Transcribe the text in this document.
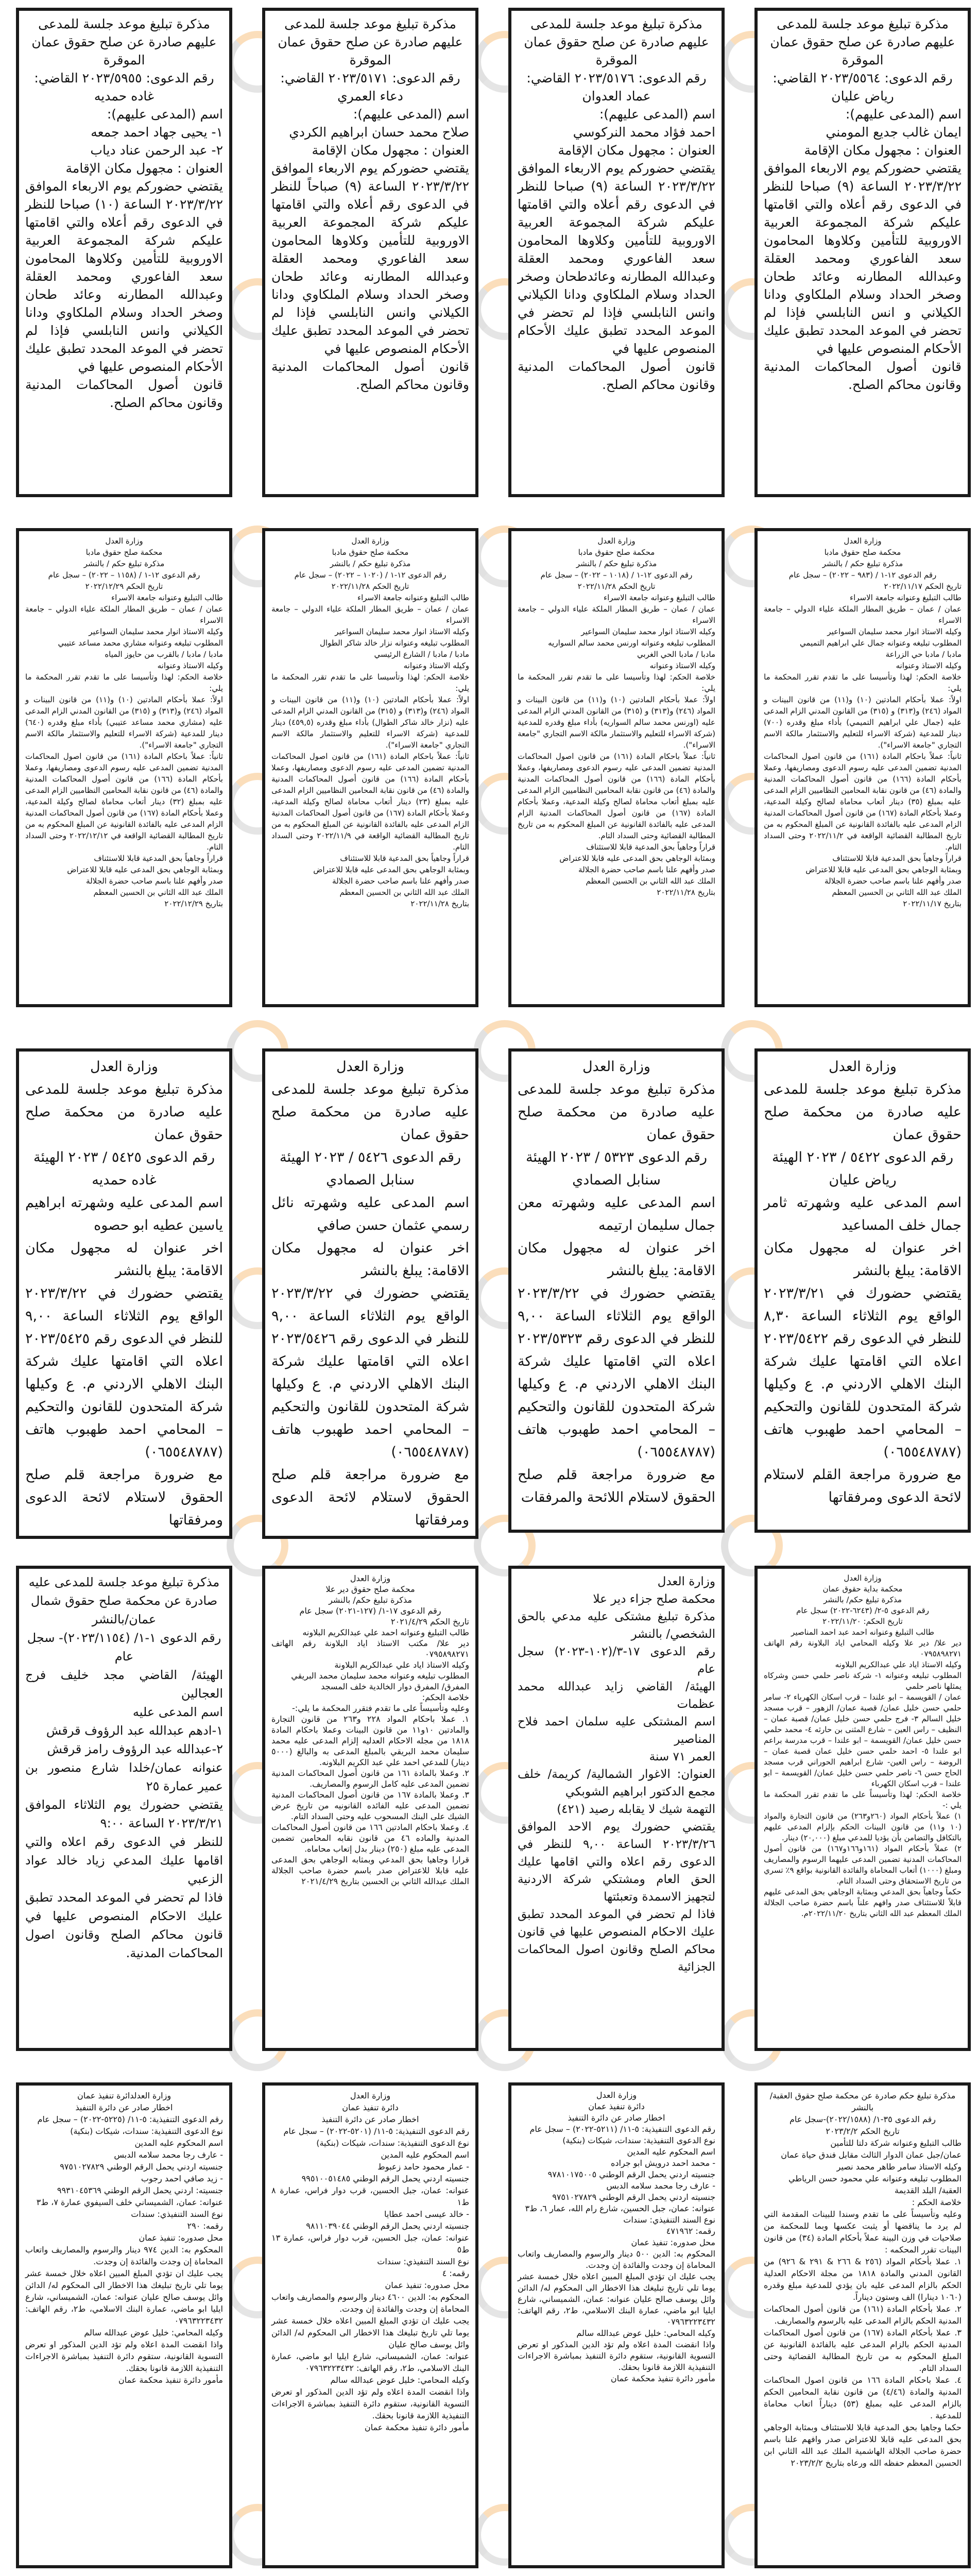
مذكرة تبليغ موعد جلسة للمدعى عليهم صادرة عن صلح حقوق عمان الموقرة
رقم الدعوى: ٢٠٢٣/٥٥٦٤ القاضي: رياض عليان
اسم (المدعى عليهم):
ايمان غالب جديع المومني
العنوان : مجهول مكان الإقامة
يقتضي حضوركم يوم الاربعاء الموافق ٢٠٢٣/٣/٢٢ الساعة (٩) صباحا للنظر في الدعوى رقم أعلاه والتي اقامتها عليكم شركة المجموعة العربية الاوروبية للتأمين وكلاوها المحامون سعد الفاعوري ومحمد العقلة وعبدالله المطارنه وعائد طحان وصخر الحداد وسلام الملكاوي ودانا الكيلاني و انس النابلسي فإذا لم تحضر في الموعد المحدد تطبق عليك الأحكام المنصوص عليها في
قانون أصول المحاكمات المدنية وقانون محاكم الصلح.
مذكرة تبليغ موعد جلسة للمدعى عليهم صادرة عن صلح حقوق عمان الموقرة
رقم الدعوى: ٢٠٢٣/٥١٧٦ القاضي: عماد العدوان
اسم (المدعى عليهم):
احمد فؤاد محمد النركوسي
العنوان : مجهول مكان الإقامة
يقتضي حضوركم يوم الاربعاء الموافق ٢٠٢٣/٣/٢٢ الساعة (٩) صباحا للنظر في الدعوى رقم أعلاه والتي اقامتها عليكم شركة المجموعة العربية الاوروبية للتأمين وكلاوها المحامون سعد الفاعوري ومحمد العقلة وعبدالله المطارنه وعائدطحان وصخر الحداد وسلام الملكاوي ودانا الكيلاني وانس النابلسي فإذا لم تحضر في الموعد المحدد تطبق عليك الأحكام المنصوص عليها في
قانون أصول المحاكمات المدنية وقانون محاكم الصلح.
مذكرة تبليغ موعد جلسة للمدعى عليهم صادرة عن صلح حقوق عمان الموقرة
رقم الدعوى: ٢٠٢٣/٥١٧١ القاضي: دعاء العمري
اسم (المدعى عليهم):
صلاح محمد حسان ابراهيم الكردي
العنوان : مجهول مكان الإقامة
يقتضي حضوركم يوم الاربعاء الموافق ٢٠٢٣/٣/٢٢ الساعة (٩) صباحاً للنظر في الدعوى رقم أعلاه والتي اقامتها عليكم شركة المجموعة العربية الاوروبية للتأمين وكلاوها المحامون سعد الفاعوري ومحمد العقلة وعبدالله المطارنه وعائد طحان وصخر الحداد وسلام الملكاوي ودانا الكيلاني وانس النابلسي فإذا لم تحضر في الموعد المحدد تطبق عليك الأحكام المنصوص عليها في
قانون أصول المحاكمات المدنية وقانون محاكم الصلح.
مذكرة تبليغ موعد جلسة للمدعى عليهم صادرة عن صلح حقوق عمان الموقرة
رقم الدعوى: ٢٠٢٣/٥٩٥٥ القاضي: غاده حمديه
اسم (المدعى عليهم):
١- يحيى جهاد احمد جمعه
٢- عبد الرحمن عناد دياب
العنوان : مجهول مكان الإقامة
يقتضي حضوركم يوم الاربعاء الموافق ٢٠٢٣/٣/٢٢ الساعة (١٠) صباحا للنظر في الدعوى رقم أعلاه والتي اقامتها عليكم شركة المجموعة العربية الاوروبية للتأمين وكلاوها المحامون سعد الفاعوري ومحمد العقلة وعبدالله المطارنه وعائد طحان وصخر الحداد وسلام الملكاوي ودانا الكيلاني وانس النابلسي فإذا لم تحضر في الموعد المحدد تطبق عليك الأحكام المنصوص عليها في
قانون أصول المحاكمات المدنية وقانون محاكم الصلح.
وزارة العدل
محكمة صلح حقوق مادبا
مذكرة تبليغ حكم / بالنشر
رقم الدعوى ١٢-١ / (٩٨٣ – ٢٠٢٢) – سجل عام
تاريخ الحكم ٢٠٢٢/١١/١٧
طالب التبليغ وعنوانه جامعة الاسراء
عمان / عمان – طريق المطار الملكة علياء الدولي – جامعة الاسراء
وكيله الاستاذ انوار محمد سليمان السواعير
المطلوب تبليغه وعنوانه جمال علي ابراهيم التميمي
مادبا / مادبا حي الزراعة
وكيله الاستاذ وعنوانه
خلاصة الحكم: لهذا وتأسيسا على ما تقدم تقرر المحكمة ما يلي:
اولاً: عملا بأحكام المادتين (١٠) و(١١) من قانون البينات و المواد (٢٤٦) و(٣١٣) و (٣١٥) من القانون المدني الزام المدعى عليه (جمال علي ابراهيم التميمي) بأداء مبلغ وقدره (٧٠٠) دينار للمدعية (شركة الاسراء للتعليم والاستثمار مالكة الاسم التجاري "جامعة الاسراء").
ثانياً: عملاً باحكام المادة (١٦١) من قانون اصول المحاكمات المدنية تضمين المدعى عليه رسوم الدعوى ومصاريفها، وعملا بأحكام المادة (١٦٦) من قانون أصول المحاكمات المدنية والمادة (٤٦) من قانون نقابة المحامين النظاميين الزام المدعى عليه بمبلغ (٣٥) دينار أتعاب محاماة لصالح وكيلة المدعية، وعملا بأحكام المادة (١٦٧) من قانون أصول المحاكمات المدنية الزام المدعى عليه بالفائدة القانونية عن المبلغ المحكوم به من تاريخ المطالبة القضائية الواقعة في ٢٠٢٢/١١/٢ وحتى السداد التام.
قراراً وجاهياً بحق المدعية قابلا للاستئناف
وبمثابة الوجاهي بحق المدعى عليه قابلا للاعتراض
صدر وأفهم علنا باسم صاحب حضرة الجلالة
الملك عبد الله الثاني بن الحسين المعظم
بتاريخ ٢٠٢٢/١١/١٧
وزارة العدل
محكمة صلح حقوق مادبا
مذكرة تبليغ حكم / بالنشر
رقم الدعوى ١٢-١ / (١٠١٨ – ٢٠٢٢) – سجل عام
تاريخ الحكم ٢٠٢٢/١١/٢٨
طالب التبليغ وعنوانه جامعة الاسراء
عمان / عمان – طريق المطار الملكة علياء الدولي – جامعة الاسراء
وكيله الاستاذ انوار محمد سليمان السواعير
المطلوب تبليغه وعنوانه اورنس محمد سالم السواريه
مادبا / مادبا الحي الغربي
وكيله الاستاذ وعنوانه
خلاصة الحكم: لهذا وتأسيسا على ما تقدم تقرر المحكمة ما يلي:
اولاً: عملا بأحكام المادتين (١٠) و(١١) من قانون البينات و المواد (٢٤٦) و(٣١٣) و (٣١٥) من القانون المدني الزام المدعى عليه (اورنس محمد سالم السواريه) بأداء مبلغ وقدره للمدعية (شركة الاسراء للتعليم والاستثمار مالكة الاسم التجاري "جامعة الاسراء").
ثانياً: عملاً باحكام المادة (١٦١) من قانون اصول المحاكمات المدنية تضمين المدعى عليه رسوم الدعوى ومصاريفها، وعملا بأحكام المادة (١٦٦) من قانون أصول المحاكمات المدنية والمادة (٤٦) من قانون نقابة المحامين النظاميين الزام المدعى عليه بمبلغ أتعاب محاماة لصالح وكيلة المدعية، وعملا بأحكام المادة (١٦٧) من قانون أصول المحاكمات المدنية الزام المدعى عليه بالفائدة القانونية عن المبلغ المحكوم به من تاريخ المطالبة القضائية وحتى السداد التام.
قراراً وجاهياً بحق المدعية قابلا للاستئناف
وبمثابة الوجاهي بحق المدعى عليه قابلا للاعتراض
صدر وأفهم علنا باسم صاحب حضرة الجلالة
الملك عبد الله الثاني بن الحسين المعظم
بتاريخ ٢٠٢٢/١١/٢٨
وزارة العدل
محكمة صلح حقوق مادبا
مذكرة تبليغ حكم / بالنشر
رقم الدعوى ١٢-١ / (١٠٢٠ – ٢٠٢٢) – سجل عام
تاريخ الحكم ٢٠٢٢/١١/٢٨
طالب التبليغ وعنوانه جامعة الاسراء
عمان / عمان – طريق المطار الملكة علياء الدولي – جامعة الاسراء
وكيله الاستاذ انوار محمد سليمان السواعير
المطلوب تبليغه وعنوانه نزار خالد شاكر الطوال
مادبا / مادبا / الشارع الرئيسي
وكيله الاستاذ وعنوانه
خلاصة الحكم: لهذا وتأسيسا على ما تقدم تقرر المحكمة ما يلي:
اولاً: عملا بأحكام المادتين (١٠) و(١١) من قانون البينات و المواد (٢٤٦) و(٣١٣) و (٣١٥) من القانون المدني الزام المدعى عليه (نزار خالد شاكر الطوال) بأداء مبلغ وقدره (٤٥٩,٥) دينار للمدعية (شركة الاسراء للتعليم والاستثمار مالكة الاسم التجاري "جامعة الاسراء").
ثانياً: عملاً باحكام المادة (١٦١) من قانون اصول المحاكمات المدنية تضمين المدعى عليه رسوم الدعوى ومصاريفها، وعملا بأحكام المادة (١٦٦) من قانون أصول المحاكمات المدنية والمادة (٤٦) من قانون نقابة المحامين النظاميين الزام المدعى عليه بمبلغ (٢٣) دينار أتعاب محاماة لصالح وكيلة المدعية، وعملا بأحكام المادة (١٦٧) من قانون أصول المحاكمات المدنية الزام المدعى عليه بالفائدة القانونية عن المبلغ المحكوم به من تاريخ المطالبة القضائية الواقعة في ٢٠٢٢/١١/٩ وحتى السداد التام.
قراراً وجاهياً بحق المدعية قابلا للاستئناف
وبمثابة الوجاهي بحق المدعى عليه قابلا للاعتراض
صدر وأفهم علنا باسم صاحب حضرة الجلالة
الملك عبد الله الثاني بن الحسين المعظم
بتاريخ ٢٠٢٢/١١/٢٨
وزارة العدل
محكمة صلح حقوق مادبا
مذكرة تبليغ حكم / بالنشر
رقم الدعوى ١٢-١ / (١١٥٨ – ٢٠٢٢) – سجل عام
تاريخ الحكم ٢٠٢٢/١٢/٢٩
طالب التبليغ وعنوانه جامعة الاسراء
عمان / عمان – طريق المطار الملكة علياء الدولي – جامعة الاسراء
وكيله الاستاذ انوار محمد سليمان السواعير
المطلوب تبليغه وعنوانه مشاري محمد مساعد عتيبي
مادبا / مادبا / بالقرب من حايوز المياه
وكيله الاستاذ وعنوانه
خلاصة الحكم: لهذا وتأسيسا على ما تقدم تقرر المحكمة ما يلي:
اولاً: عملا بأحكام المادتين (١٠) و(١١) من قانون البينات و المواد (٢٤٦) و(٣١٣) و (٣١٥) من القانون المدني الزام المدعى عليه (مشاري محمد مساعد عتيبي) بأداء مبلغ وقدره (٦٤٠) دينار للمدعية (شركة الاسراء للتعليم والاستثمار مالكة الاسم التجاري "جامعة الاسراء").
ثانياً: عملاً باحكام المادة (١٦١) من قانون اصول المحاكمات المدنية تضمين المدعى عليه رسوم الدعوى ومصاريفها، وعملا بأحكام المادة (١٦٦) من قانون أصول المحاكمات المدنية والمادة (٤٦) من قانون نقابة المحامين النظاميين الزام المدعى عليه بمبلغ (٣٢) دينار أتعاب محاماة لصالح وكيلة المدعية، وعملا بأحكام المادة (١٦٧) من قانون أصول المحاكمات المدنية الزام المدعى عليه بالفائدة القانونية عن المبلغ المحكوم به من تاريخ المطالبة القضائية الواقعة في ٢٠٢٢/١٢/١٢ وحتى السداد التام.
قراراً وجاهياً بحق المدعية قابلا للاستئناف
وبمثابة الوجاهي بحق المدعى عليه قابلا للاعتراض
صدر وأفهم علنا باسم صاحب حضرة الجلالة
الملك عبد الله الثاني بن الحسين المعظم
بتاريخ ٢٠٢٢/١٢/٢٩
وزارة العدل
مذكرة تبليغ موعد جلسة للمدعى عليه صادرة من محكمة صلح حقوق عمان
رقم الدعوى ٥٤٢٢ / ٢٠٢٣ الهيئة
رياض عليان
اسم المدعى عليه وشهرته ثامر جمال خلف المساعيد
اخر عنوان له مجهول مكان الاقامة: يبلغ بالنشر
يقتضي حضورك في ٢٠٢٣/٣/٢١ الواقع يوم الثلاثاء الساعة ٨,٣٠ للنظر في الدعوى رقم ٢٠٢٣/٥٤٢٢ اعلاه التي اقامتها عليك شركة البنك الاهلي الاردني م. ع وكيلها شركة المتحدون للقانون والتحكيم – المحامي احمد طهبوب هاتف (٠٦٥٥٤٨٧٨٧)
مع ضرورة مراجعة القلم لاستلام لائحة الدعوى ومرفقاتها
وزارة العدل
مذكرة تبليغ موعد جلسة للمدعى عليه صادرة من محكمة صلح حقوق عمان
رقم الدعوى ٥٣٢٣ / ٢٠٢٣ الهيئة
سنابل الصمادي
اسم المدعى عليه وشهرته معن جمال سليمان ارتيمه
اخر عنوان له مجهول مكان الاقامة: يبلغ بالنشر
يقتضي حضورك في ٢٠٢٣/٣/٢٢ الواقع يوم الثلاثاء الساعة ٩,٠٠ للنظر في الدعوى رقم ٢٠٢٣/٥٣٢٣ اعلاه التي اقامتها عليك شركة البنك الاهلي الاردني م. ع وكيلها شركة المتحدون للقانون والتحكيم – المحامي احمد طهبوب هاتف (٠٦٥٥٤٨٧٨٧)
مع ضرورة مراجعة قلم صلح الحقوق لاستلام اللائحة والمرفقات
وزارة العدل
مذكرة تبليغ موعد جلسة للمدعى عليه صادرة من محكمة صلح حقوق عمان
رقم الدعوى ٥٤٢٦ / ٢٠٢٣ الهيئة
سنابل الصمادي
اسم المدعى عليه وشهرته نائل رسمي عثمان حسن صافي
اخر عنوان له مجهول مكان الاقامة: يبلغ بالنشر
يقتضي حضورك في ٢٠٢٣/٣/٢٢ الواقع يوم الثلاثاء الساعة ٩,٠٠ للنظر في الدعوى رقم ٢٠٢٣/٥٤٢٦ اعلاه التي اقامتها عليك شركة البنك الاهلي الاردني م. ع وكيلها شركة المتحدون للقانون والتحكيم – المحامي احمد طهبوب هاتف (٠٦٥٥٤٨٧٨٧)
مع ضرورة مراجعة قلم صلح الحقوق لاستلام لائحة الدعوى ومرفقاتها
وزارة العدل
مذكرة تبليغ موعد جلسة للمدعى عليه صادرة من محكمة صلح حقوق عمان
رقم الدعوى ٥٤٢٥ / ٢٠٢٣ الهيئة
غاده حمديه
اسم المدعى عليه وشهرته ابراهيم ياسين عطيه ابو حصوه
اخر عنوان له مجهول مكان الاقامة: يبلغ بالنشر
يقتضي حضورك في ٢٠٢٣/٣/٢٢ الواقع يوم الثلاثاء الساعة ٩,٠٠ للنظر في الدعوى رقم ٢٠٢٣/٥٤٢٥ اعلاه التي اقامتها عليك شركة البنك الاهلي الاردني م. ع وكيلها شركة المتحدون للقانون والتحكيم – المحامي احمد طهبوب هاتف (٠٦٥٥٤٨٧٨٧)
مع ضرورة مراجعة قلم صلح الحقوق لاستلام لائحة الدعوى ومرفقاتها
وزارة العدل
محكمة بداية حقوق عمان
مذكرة تبليغ حكم/ بالنشر
رقم الدعوى ٥-٢/ (٦٢٤٣-٢٠٢٢) سجل عام
تاريخ الحكم: ٢٠٢٢/١١/٢٠
طالب التبليغ وعنوانه احمد عبد احمد المناصير
دير علا/ دير علا وكيله المحامي اياد البلاونة رقم الهاتف ٠٧٩٥٨٩٨٢٧١
وكيله الاستاذ اياد علي عبدالكريم البلاونه
المطلوب تبليغه وعنوانه ١- شركة ناصر حلمي حسن وشركاه يمثلها ناصر حلمي
عمان / القويسمة – ابو علندا – قرب اسكان الكهرباء ٢- سامر حلمي حسن خليل عمان/ قصبة عمان/ الزهور – قرب مسجد خليل السالم ٣- فرج حلمي حسن خليل عمان/ قصبة عمان – النظيف – راس العين – شارع المثنى بن حارثه ٤- محمد حلمي حسن خليل عمان/ القويسمة – ابو علندا – قرب مدرسة براعم ابو علندا ٥- احمد حلمي حسن خليل عمان قصبة عمان – الروضة – راس العين- شارع ابراهيم الحوراني قرب مسجد الحاج حسن ٦- ناصر حلمي حسن خليل عمان/ القويسمة – ابو علندا – قرب اسكان الكهرباء
خلاصة الحكم: لهذا وتأسيساً على ما تقدم تقرر المحكمة ما يلي :-
١) عملاً بأحكام المواد (٢٦٠و٢٦٣) من قانون التجارة والمواد (١٠ و١١) من قانون البينات الحكم بإلزام المدعى عليهم بالتكافل والتضامن بأن يؤديا للمدعي مبلغ (٢٠,٠٠٠) دينار.
٢) عملاً بأحكام المواد (١٦١و١٦٦و١٦٧) من قانون أصول المحاكمات المدنية تضمين المدعى عليهما الرسوم والمصاريف ومبلغ (١٠٠٠) أتعاب المحاماة والفائدة القانونية بواقع ٩٪ تسري من تاريخ الاستحقاق وحتى السداد التام.
حكماً وجاهياً بحق المدعي وبمثابة الوجاهي بحق المدعى عليهم قابلاً للاستئناف صدر وافهم علناً باسم حضرة صاحب الجلالة الملك المعظم عبد الله الثاني بتاريخ ٢٠٢٢/١١/٢٠م.
وزارة العدل
محكمة صلح جزاء دير علا
مذكرة تبليغ مشتكى عليه مدعي بالحق الشخصي/ بالنشر
رقم الدعوى ١٧-٣/(١٠٢-٢٠٢٣) سجل عام
الهيئة/ القاضي زايد عبدالله محمد عظمات
اسم المشتكى عليه سلمان احمد فلاح المناصير
العمر ٧١ سنة
العنوان: الاغوار الشمالية/ كريمة/ خلف مجمع الدكتور ابراهيم الشوبكي
التهمة شيك لا يقابله رصيد (٤٢١)
يقتضي حضورك يوم الاحد الموافق ٢٠٢٣/٣/٢٦ الساعة ٩,٠٠ للنظر في الدعوى رقم اعلاه والتي اقامها عليك الحق العام ومشتكي شركة الاردنية لتجهيز الاسمدة وتعبئتها
فاذا لم تحضر في الموعد المحدد تطبق عليك الاحكام المنصوص عليها في قانون محاكم الصلح وقانون اصول المحاكمات الجزائية
وزارة العدل
محكمة صلح حقوق دير علا
مذكرة تبليغ حكم/ بالنشر
رقم الدعوى ١٧-١/ (١٢٧-٢٠٢١) سجل عام
تاريخ الحكم ٢٠٢١/٤/٢٩
طالب التبليغ وعنوانه احمد علي عبدالكريم البلاونه
دير علا/ مكتب الاستاذ اياد البلاونة رقم الهاتف ٠٧٩٥٨٩٨٢٧١
وكيله الاستاذ اياد علي عبدالكريم البلاونة
المطلوب تبليغه وعنوانه محمد سليمان محمد البريقي
المفرق/ المفرق دوار الخالدية خلف المسجد
خلاصة الحكم:
وعليه وتأسيساً على ما تقدم فتقرر المحكمة ما يلي:-
١. عملا باحكام المواد ٢٢٨ و٢٦٣ من قانون التجارة والمادتين ١٠و١١ من قانون البينات وعملا باحكام المادة ١٨١٨ من مجله الاحكام العدليه إلزام المدعى عليه محمد سليمان محمد البريقي بالمبلغ المدعى به والبالغ (٥٠٠٠ دينار) للمدعي احمد علي عبد الكريم البلاونه.
٢. وعملا بالمادة ١٦١ من قانون أصول المحاكمات المدنية تضمين المدعى عليه كامل الرسوم والمصاريف.
٣. وعملا بالمادة ١٦٧ من قانون أصول المحاكمات المدنية تضمين المدعى عليه الفائده القانونيه من تاريخ عرض الشيك على البنك المسحوب عليه وحتى السداد التام.
٤. وعملا باحكام المادتين ١٦٦ من قانون أصول المحاكمات المدنية والماده ٤٦ من قانون نقابه المحامين تضمين المدعى عليه مبلغ (٢٥٠) دينار بدل إتعاب محاماه.
قرارا وجاهيا بحق المدعي وبمثابه الوجاهي بحق المدعى عليه قابلا للاعتراض صدر باسم حضرة صاحب الجلالة الملك عبدالله الثاني بن الحسين بتاريخ ٢٠٢١/٤/٢٩
مذكرة تبليغ موعد جلسة للمدعى عليه صادرة عن محكمة صلح حقوق شمال عمان/بالنشر
رقم الدعوى ١-١/ (٢٠٢٣/١١٥٤)- سجل عام
الهيئة/ القاضي مجد خليف فرج العجالين
اسم المدعى عليه
١-ادهم عبدالله عبد الرؤوف قرقش
٢-عبدالله عبد الرؤوف رامز قرقش
عنوانه عمان/خلدا شارع منصور بن عمير عمارة ٢٥
يقتضي حضورك يوم الثلاثاء الموافق ٢٠٢٣/٣/٢١ الساعة ٩:٠٠
للنظر في الدعوى رقم اعلاه والتي اقامها عليك المدعي زياد خالد عواد الزعبي
فاذا لم تحضر في الموعد المحدد تطبق عليك الاحكام المنصوص عليها في قانون محاكم الصلح وقانون اصول المحاكمات المدنية.
مذكرة تبليغ حكم صادرة عن محكمة صلح حقوق العقبة/بالنشر
رقم الدعوى ٣٥-١/ (٢٠٢٢/١٥٨٨)-سجل عام
تاريخ الحكم ٢٠٢٣/٢/٢
طالب التبليغ وعنوانه شركة دلتا للتأمين
عمان/جبل عمان الدوار الثالث مقابل فندق حياة عمان
وكيله الاستاذ سامر طاهر محمد نصير
المطلوب تبليغه وعنوانه علي محمود حسن الرياطي
العقبة/ البلد القديمة
خلاصة الحكم :
وعليه وتأسيساً على ما تقدم وسندا للبينات المقدمة التي لم يرد ما يناقضها أو يثبت عكسها وبما للمحكمة من صلاحيات في وزن البينة عملاً بأحكام المادة (٣٤) من قانون البينات تقرر المحكمه :
١. عملا بأحكام المواد (٢٥٦ & ٢٦٦ & ٢٩١ & ٩٢٦) من القانون المدني والمادة ١٨١٨ من مجلة الاحكام العدلية الحكم بالزام المدعى عليه بان يؤدي للمدعية مبلغ وقدره (١٠٦٠ دينارا) الف وستون ديناراً.
٢. عملا بأحكام المادة (١٦١) من قانون أصول المحاكمات المدنية الحكم بالزام المدعى عليه بالرسوم والمصاريف.
٣. عملا بأحكام المادة (١٦٧) من قانون أصول المحاكمات المدنية الحكم بالزام المدعى عليه بالفائدة القانونية عن المبلغ المحكوم به من تاريخ المطالبة القضائية وحتى السداد التام.
٤. عملا باحكام المادة ١٦٦ من قانون اصول المحاكمات المدنية والمادة (٤/٤٦) من قانون نقابة المحامين الحكم بالزام المدعى عليه بمبلغ (٥٣) ديناراً اتعاب محاماة للمدعية .
حكما وجاهيا بحق المدعية قابلا للاستئناف وبمثابة الوجاهي بحق المدعى عليه قابلا للاعتراض صدر وافهم علنا باسم حضرة صاحب الجلالة الهاشمية الملك عبد الله الثاني ابن الحسين المعظم حفظه الله ورعاه بتاريخ ٢٠٢٣/٢/٢
وزارة العدل
دائرة تنفيذ عمان
اخطار صادر عن دائرة التنفيذ
رقم الدعوى التنفيذية: ٥-١١/ (٥٢١١-٢٠٢٢) – سجل عام
نوع الدعوى التنفيذية: سندات، شيكات (بنكية)
اسم المحكوم عليه المدين
- محمد احمد درويش ابو جراده
جنسيته اردني يحمل الرقم الوطني ٩٧٨١٠١٧٥٠٠٥
- عارف رجا محمد سلامه الدبس
جنسيته اردني يحمل الرقم الوطني ٩٧٥١٠٢٧٨٢٩
عنوانه: عمان، جبل الحسين، شارع رام الله، عمار ٦، ط٣
نوع السند التنفيذي: سندات
رقمه: ٤٧١٩٦٢
محل صدوره: تنفيذ عمان
المحكوم به: الدين ٥٠٠ دينار والرسوم والمصاريف واتعاب المحاماة إن وجدت والفائدة إن وجدت.
يجب عليك ان تؤدي المبلغ المبين اعلاه خلال خمسة عشر يوما تلي تاريخ تبليغك هذا الاخطار الى المحكوم له/ الدائن وائل يوسف صالح عليان عنوانه: عمان، الشميساني، شارع ايليا ابو ماضي، عمارة البنك الاسلامي، ط٢، رقم الهاتف: ٠٧٩٦٣٢٢٣٤٣٢
وكيله المحامي: خليل عوض عبدالله سالم
واذا انقضت المدة اعلاه ولم تؤد الدين المذكور او تعرض التسوية القانونية، ستقوم دائرة التنفيذ بمباشرة الاجراءات التنفيذية اللازمة قانونا بحقك.
مأمور دائرة تنفيذ محكمة عمان
وزارة العدل
دائرة تنفيذ عمان
اخطار صادر عن دائرة التنفيذ
رقم الدعوى التنفيذية: ٥-١١/ (٥٢٠١-٢٠٢٢) – سجل عام
نوع الدعوى التنفيذية: سندات، شيكات (بنكية)
اسم المحكوم عليه المدين
- عمار محمود حامد زعبوط
جنسيته اردني يحمل الرقم الوطني ٩٩٥١٠٠٥١٤٨٥
عنوانه: عمان، جبل الحسين، قرب دوار فراس، عمارة ٨ ط١
- خالد عيسى احمد عطايا
جنسيته اردني يحمل الرقم الوطني ٩٨١١٠٣٩٠٤٤
عنوانه: عمان، جبل الحسين، قرب دوار فراس، عمارة ١٣ ط٥
نوع السند التنفيذي: سندات
رقمه: ٤
محل صدوره: تنفيذ عمان
المحكوم به: الدين ٤٦٠٠ دينار والرسوم والمصاريف واتعاب المحاماة إن وجدت والفائدة إن وجدت.
يجب عليك ان تؤدي المبلغ المبين اعلاه خلال خمسة عشر يوما تلي تاريخ تبليغك هذا الاخطار الى المحكوم له/ الدائن وائل يوسف صالح عليان
عنوانه: عمان، الشميساني، شارع ايليا ابو ماضي، عمارة البنك الاسلامي، ط٢، رقم الهاتف: ٠٧٩٦٣٢٢٣٤٣٢
وكيله المحامي: خليل عوض عبدالله سالم
واذا انقضت المدة اعلاه ولم تؤد الدين المذكور او تعرض التسوية القانونية، ستقوم دائرة التنفيذ بمباشرة الاجراءات التنفيذية اللازمة قانونا بحقك.
مأمور دائرة تنفيذ محكمة عمان
وزارة العدلدائرة تنفيذ عمان
اخطار صادر عن دائرة التنفيذ
رقم الدعوى التنفيذية: ٥-١١/ (٥٢٢٥-٢٠٢٢) – سجل عام
نوع الدعوى التنفيذية: سندات، شيكات (بنكية)
اسم المحكوم عليه المدين
- عارف رجا محمد سلامه الدبس
جنسيته اردني يحمل الرقم الوطني ٩٧٥١٠٢٧٨٢٩
- زيد صافي احمد رجوب
جنسيته: اردني يحمل الرقم الوطني ٩٩٣١٠٤٥٣٦٩
عنوانه: عمان، الشميساني خلف السيفوي عمارة ٧، ط٣
نوع السند التنفيذي: سندات
رقمه: ٢٩٠
محل صدوره: تنفيذ عمان
المحكوم به: الدين ٩٧٤ دينار والرسوم والمصاريف واتعاب المحاماة إن وجدت والفائدة إن وجدت.
يجب عليك ان تؤدي المبلغ المبين اعلاه خلال خمسة عشر يوما تلي تاريخ تبليغك هذا الاخطار الى المحكوم له/ الدائن وائل يوسف صالح عليان عنوانه: عمان، الشميساني، شارع ايليا ابو ماضي، عمارة البنك الاسلامي، ط٢، رقم الهاتف: ٠٧٩٦٣٢٢٣٤٣٢
وكيله المحامي: خليل عوض عبدالله سالم
واذا انقضت المدة اعلاه ولم تؤد الدين المذكور او تعرض التسوية القانونية، ستقوم دائرة التنفيذ بمباشرة الاجراءات التنفيذية اللازمة قانونا بحقك.
مأمور دائرة تنفيذ محكمة عمان
